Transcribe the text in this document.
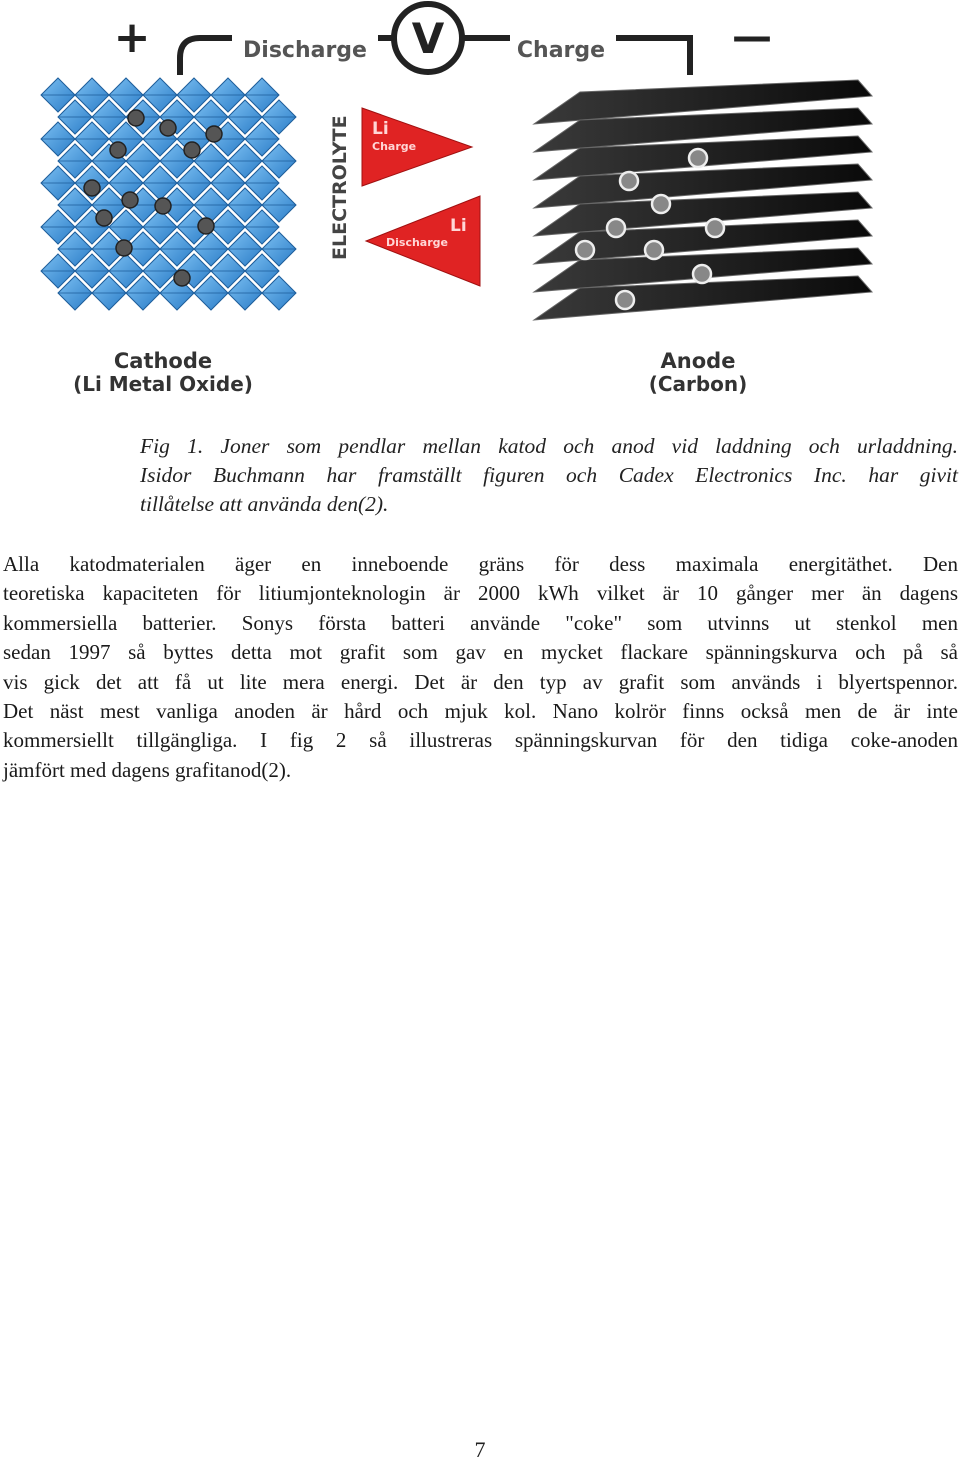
V
Discharge	Charge
+	—
ELECTROLYTE Li
Charge
Li
Discharge
Cathode
(Li Metal Oxide)
Anode
(Carbon)
Fig 1. Joner som pendlar mellan katod och anod vid laddning och urladdning.
Isidor Buchmann har framställt figuren och Cadex Electronics Inc. har givit
tillåtelse att använda den(2).
Alla katodmaterialen äger en inneboende gräns för dess maximala energitäthet. Den
teoretiska kapaciteten för litiumjonteknologin är 2000 kWh vilket är 10 gånger mer än dagens
kommersiella batterier. Sonys första batteri använde "coke" som utvinns ut stenkol men
sedan 1997 så byttes detta mot grafit som gav en mycket flackare spänningskurva och på så
vis gick det att få ut lite mera energi. Det är den typ av grafit som används i blyertspennor.
Det näst mest vanliga anoden är hård och mjuk kol. Nano kolrör finns också men de är inte
kommersiellt tillgängliga. I fig 2 så illustreras spänningskurvan för den tidiga coke-anoden
jämfört med dagens grafitanod(2).
7
